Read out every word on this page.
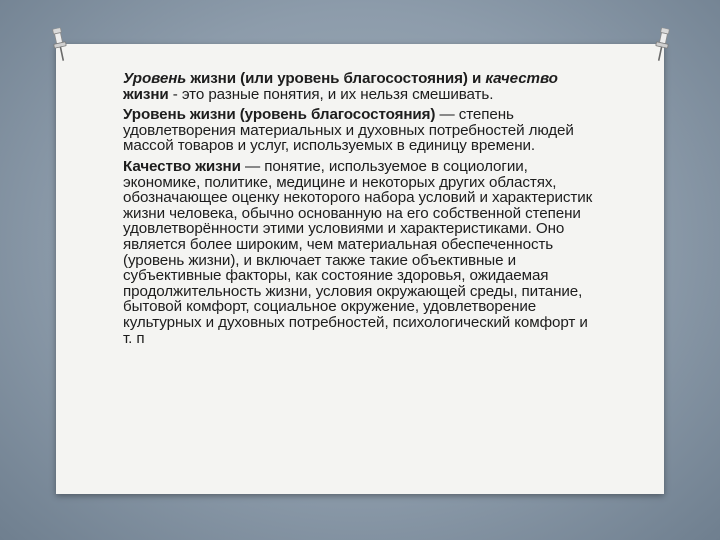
Уровень жизни (или уровень благосостояния) и качество жизни - это разные понятия, и их нельзя смешивать.

Уровень жизни (уровень благосостояния) — степень удовлетворения материальных и духовных потребностей людей массой товаров и услуг, используемых в единицу времени.

Качество жизни — понятие, используемое в социологии, экономике, политике, медицине и некоторых других областях, обозначающее оценку некоторого набора условий и характеристик жизни человека, обычно основанную на его собственной степени удовлетворённости этими условиями и характеристиками. Оно является более широким, чем материальная обеспеченность (уровень жизни), и включает также такие объективные и субъективные факторы, как состояние здоровья, ожидаемая продолжительность жизни, условия окружающей среды, питание, бытовой комфорт, социальное окружение, удовлетворение культурных и духовных потребностей, психологический комфорт и т. п
